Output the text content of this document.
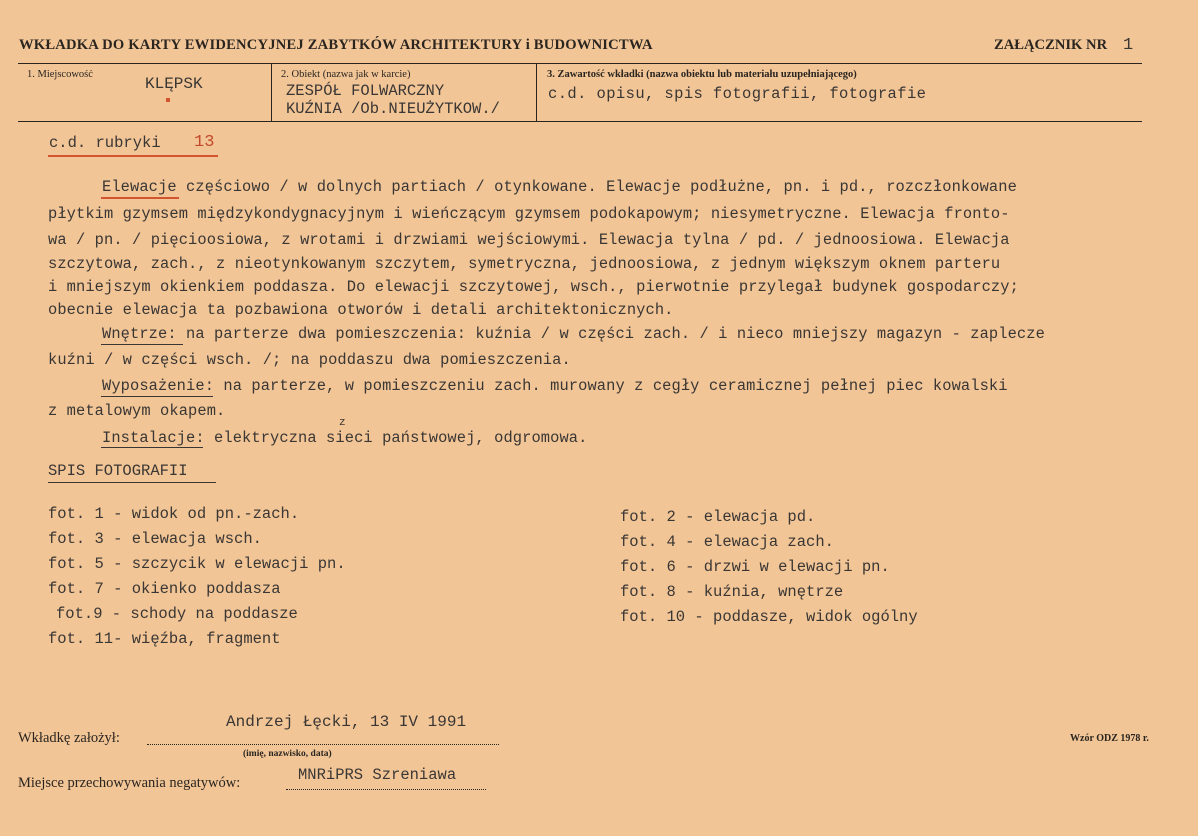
WKŁADKA DO KARTY EWIDENCYJNEJ ZABYTKÓW ARCHITEKTURY i BUDOWNICTWA	ZAŁĄCZNIK NR 1
1. Miejscowość
KLĘPSK
2. Obiekt (nazwa jak w karcie)
ZESPÓŁ FOLWARCZNY
KUŹNIA /Ob.NIEUŻYTKOW./
3. Zawartość wkładki (nazwa obiektu lub materiału uzupełniającego)
c.d. opisu, spis fotografii, fotografie
c.d. rubryki 13
Elewacje częściowo / w dolnych partiach / otynkowane. Elewacje podłużne, pn. i pd., rozczłonkowane
płytkim gzymsem międzykondygnacyjnym i wieńczącym gzymsem podokapowym; niesymetryczne. Elewacja fronto-
wa / pn. / pięcioosiowa, z wrotami i drzwiami wejściowymi. Elewacja tylna / pd. / jednoosiowa. Elewacja
szczytowa, zach., z nieotynkowanym szczytem, symetryczna, jednoosiowa, z jednym większym oknem parteru
i mniejszym okienkiem poddasza. Do elewacji szczytowej, wsch., pierwotnie przylegał budynek gospodarczy;
obecnie elewacja ta pozbawiona otworów i detali architektonicznych.
Wnętrze: na parterze dwa pomieszczenia: kuźnia / w części zach. / i nieco mniejszy magazyn - zaplecze
kuźni / w części wsch. /; na poddaszu dwa pomieszczenia.
Wyposażenie: na parterze, w pomieszczeniu zach. murowany z cegły ceramicznej pełnej piec kowalski
z metalowym okapem.
Instalacje: elektryczna sieci państwowej, odgromowa.
z
SPIS FOTOGRAFII
fot. 1 - widok od pn.-zach.
fot. 3 - elewacja wsch.
fot. 5 - szczycik w elewacji pn.
fot. 7 - okienko poddasza
fot.9 - schody na poddasze
fot. 11- więźba, fragment
fot. 2 - elewacja pd.
fot. 4 - elewacja zach.
fot. 6 - drzwi w elewacji pn.
fot. 8 - kuźnia, wnętrze
fot. 10 - poddasze, widok ogólny
Wkładkę założył:
Andrzej Łęcki, 13 IV 1991
(imię, nazwisko, data)
Miejsce przechowywania negatywów:	MNRiPRS Szreniawa
Wzór ODZ 1978 r.
